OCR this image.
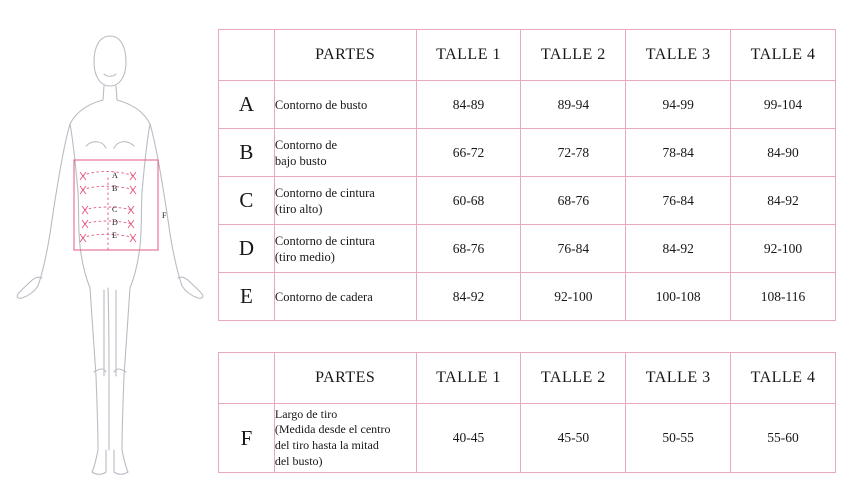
A
B
C
D
E
F
	PARTES	TALLE 1	TALLE 2	TALLE 3	TALLE 4
A	Contorno de busto	84-89	89-94	94-99	99-104
B	Contorno de
bajo busto	66-72	72-78	78-84	84-90
C	Contorno de cintura
(tiro alto)	60-68	68-76	76-84	84-92
D	Contorno de cintura
(tiro medio)	68-76	76-84	84-92	92-100
E	Contorno de cadera	84-92	92-100	100-108	108-116
	PARTES	TALLE 1	TALLE 2	TALLE 3	TALLE 4
F	Largo de tiro
(Medida desde el centro
del tiro hasta la mitad
del busto)	40-45	45-50	50-55	55-60
